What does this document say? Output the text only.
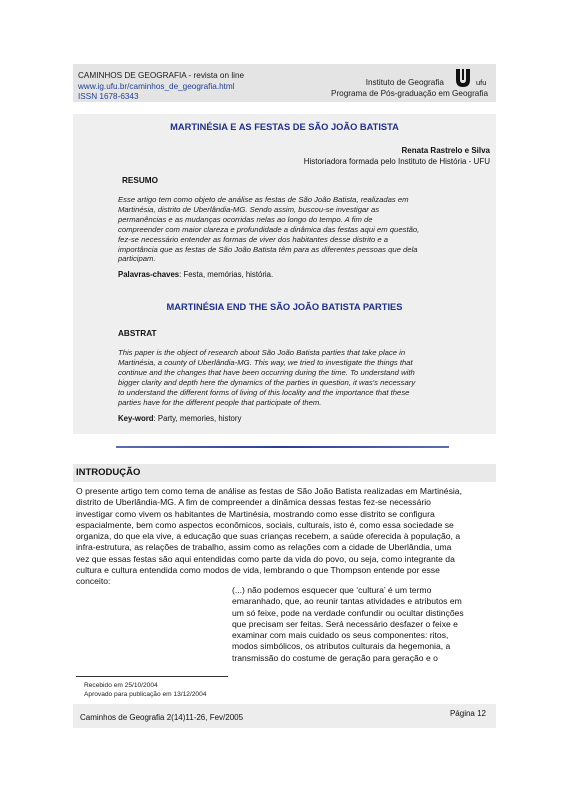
CAMINHOS DE GEOGRAFIA - revista on line
www.ig.ufu.br/caminhos_de_geografia.html
ISSN 1678-6343
Instituto de Geografia
Programa de Pós-graduação em Geografia
ufu
MARTINÉSIA E AS FESTAS DE SÃO JOÃO BATISTA
Renata Rastrelo e Silva
Historiadora formada pelo Instituto de História - UFU
RESUMO
Esse artigo tem como objeto de análise as festas de São João Batista, realizadas em
Martinésia, distrito de Uberlândia-MG. Sendo assim, buscou-se investigar as
permanências e as mudanças ocorridas nelas ao longo do tempo. A fim de
compreender com maior clareza e profundidade a dinâmica das festas aqui em questão,
fez-se necessário entender as formas de viver dos habitantes desse distrito e a
importância que as festas de São João Batista têm para as diferentes pessoas que dela
participam.
Palavras-chaves: Festa, memórias, história.
MARTINÉSIA END THE SÃO JOÃO BATISTA PARTIES
ABSTRAT
This paper is the object of research about São João Batista parties that take place in
Martinésia, a county of Uberlândia-MG. This way, we tried to investigate the things that
continue and the changes that have been occurring during the time. To understand with
bigger clarity and depth here the dynamics of the parties in question, it was's necessary
to understand the different forms of living of this locality and the importance that these
parties have for the different people that participate of them.
Key-word: Party, memories, history
INTRODUÇÃO
O presente artigo tem como tema de análise as festas de São João Batista realizadas em Martinésia,
distrito de Uberlândia-MG. A fim de compreender a dinâmica dessas festas fez-se necessário
investigar como vivem os habitantes de Martinésia, mostrando como esse distrito se configura
espacialmente, bem como aspectos econômicos, sociais, culturais, isto é, como essa sociedade se
organiza, do que ela vive, a educação que suas crianças recebem, a saúde oferecida à população, a
infra-estrutura, as relações de trabalho, assim como as relações com a cidade de Uberlândia, uma
vez que essas festas são aqui entendidas como parte da vida do povo, ou seja, como integrante da
cultura e cultura entendida como modos de vida, lembrando o que Thompson entende por esse
conceito:
(...) não podemos esquecer que ‘cultura’ é um termo
emaranhado, que, ao reunir tantas atividades e atributos em
um só feixe, pode na verdade confundir ou ocultar distinções
que precisam ser feitas. Será necessário desfazer o feixe e
examinar com mais cuidado os seus componentes: ritos,
modos simbólicos, os atributos culturais da hegemonia, a
transmissão do costume de geração para geração e o
Recebido em 25/10/2004
Aprovado para publicação em 13/12/2004
Caminhos de Geografia 2(14)11-26, Fev/2005	Página 12
